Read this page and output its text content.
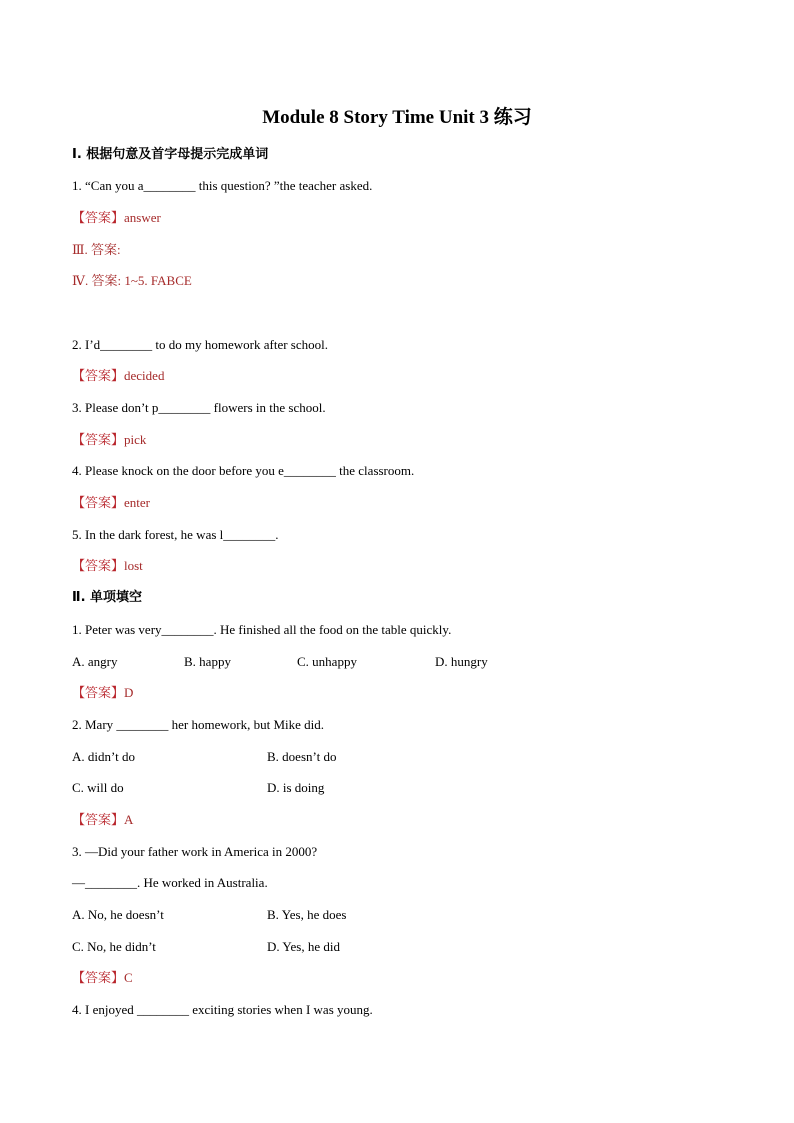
Module 8 Story Time Unit 3 练习
Ⅰ. 根据句意及首字母提示完成单词
1. “Can you a________ this question? ”the teacher asked.
【答案】answer
Ⅲ. 答案:
Ⅳ. 答案: 1~5. FABCE
2. I’d________ to do my homework after school.
【答案】decided
3. Please don’t p________ flowers in the school.
【答案】pick
4. Please knock on the door before you e________ the classroom.
【答案】enter
5. In the dark forest, he was l________.
【答案】lost
Ⅱ. 单项填空
1. Peter was very________. He finished all the food on the table quickly.
A. angry	B. happy	C. unhappy	D. hungry
【答案】D
2. Mary ________ her homework, but Mike did.
A. didn’t do	B. doesn’t do
C. will do	D. is doing
【答案】A
3. —Did your father work in America in 2000?
—________. He worked in Australia.
A. No, he doesn’t	B. Yes, he does
C. No, he didn’t	D. Yes, he did
【答案】C
4. I enjoyed ________ exciting stories when I was young.
